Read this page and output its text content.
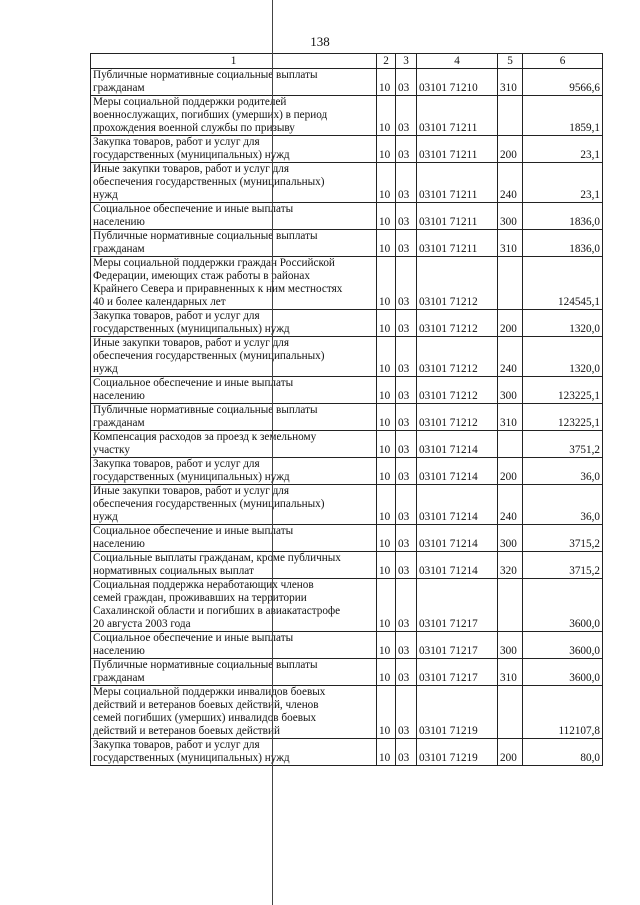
138
1	2	3	4	5	6
Публичные нормативные социальные выплаты
гражданам	10	03	03101 71210	310	9566,6
Меры социальной поддержки родителей
военнослужащих, погибших (умерших) в период
прохождения военной службы по призыву	10	03	03101 71211		1859,1
Закупка товаров, работ и услуг для
государственных (муниципальных) нужд	10	03	03101 71211	200	23,1
Иные закупки товаров, работ и услуг для
обеспечения государственных (муниципальных)
нужд	10	03	03101 71211	240	23,1
Социальное обеспечение и иные выплаты
населению	10	03	03101 71211	300	1836,0
Публичные нормативные социальные выплаты
гражданам	10	03	03101 71211	310	1836,0
Меры социальной поддержки граждан Российской
Федерации, имеющих стаж работы в районах
Крайнего Севера и приравненных к ним местностях
40 и более календарных лет	10	03	03101 71212		124545,1
Закупка товаров, работ и услуг для
государственных (муниципальных) нужд	10	03	03101 71212	200	1320,0
Иные закупки товаров, работ и услуг для
обеспечения государственных (муниципальных)
нужд	10	03	03101 71212	240	1320,0
Социальное обеспечение и иные выплаты
населению	10	03	03101 71212	300	123225,1
Публичные нормативные социальные выплаты
гражданам	10	03	03101 71212	310	123225,1
Компенсация расходов за проезд к земельному
участку	10	03	03101 71214		3751,2
Закупка товаров, работ и услуг для
государственных (муниципальных) нужд	10	03	03101 71214	200	36,0
Иные закупки товаров, работ и услуг для
обеспечения государственных (муниципальных)
нужд	10	03	03101 71214	240	36,0
Социальное обеспечение и иные выплаты
населению	10	03	03101 71214	300	3715,2
Социальные выплаты гражданам, кроме публичных
нормативных социальных выплат	10	03	03101 71214	320	3715,2
Социальная поддержка неработающих членов
семей граждан, проживавших на территории
Сахалинской области и погибших в авиакатастрофе
20 августа 2003 года	10	03	03101 71217		3600,0
Социальное обеспечение и иные выплаты
населению	10	03	03101 71217	300	3600,0
Публичные нормативные социальные выплаты
гражданам	10	03	03101 71217	310	3600,0
Меры социальной поддержки инвалидов боевых
действий и ветеранов боевых действий, членов
семей погибших (умерших) инвалидов боевых
действий и ветеранов боевых действий	10	03	03101 71219		112107,8
Закупка товаров, работ и услуг для
государственных (муниципальных) нужд	10	03	03101 71219	200	80,0
